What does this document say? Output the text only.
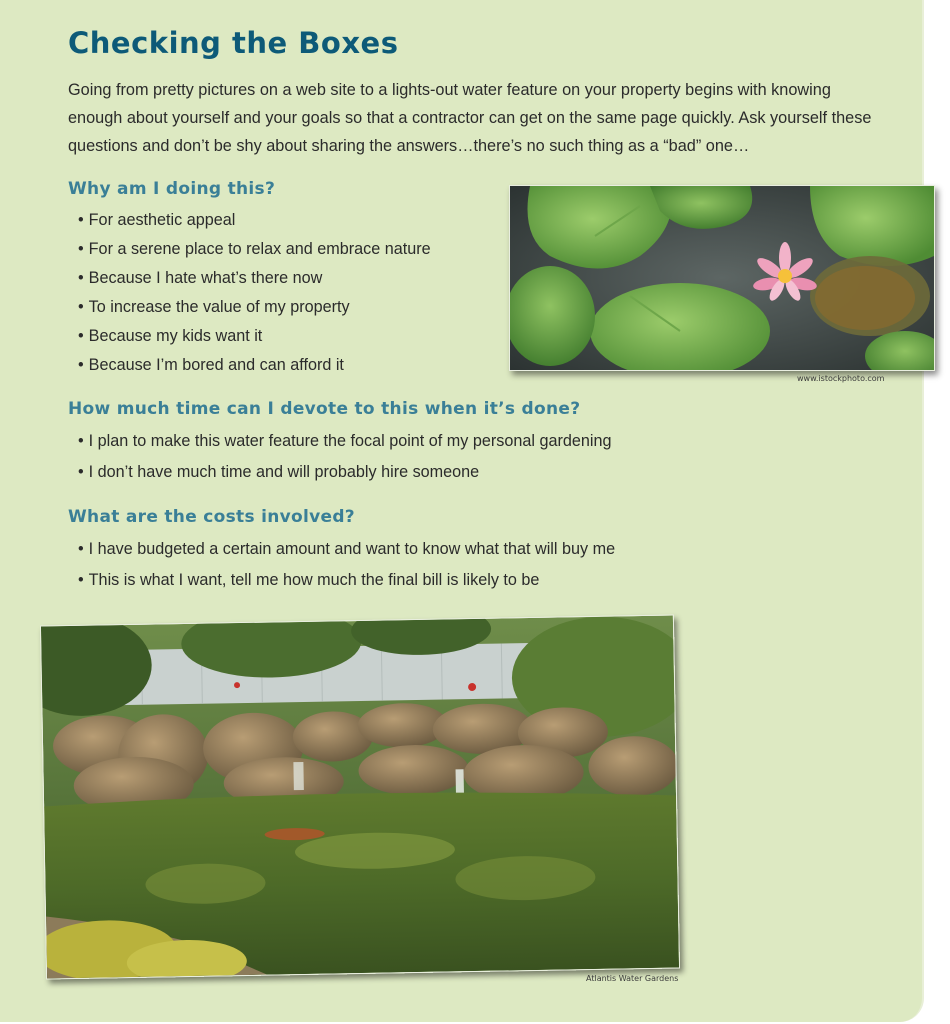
Checking the Boxes

Going from pretty pictures on a web site to a lights-out water feature on your property begins with knowing enough about yourself and your goals so that a contractor can get on the same page quickly. Ask yourself these questions and don’t be shy about sharing the answers…there’s no such thing as a “bad” one…

Why am I doing this?
• For aesthetic appeal
• For a serene place to relax and embrace nature
• Because I hate what’s there now
• To increase the value of my property
• Because my kids want it
• Because I’m bored and can afford it
How much time can I devote to this when it’s done?
• I plan to make this water feature the focal point of my personal gardening
• I don’t have much time and will probably hire someone
What are the costs involved?
• I have budgeted a certain amount and want to know what that will buy me
• This is what I want, tell me how much the final bill is likely to be
www.istockphoto.com
Atlantis Water Gardens
